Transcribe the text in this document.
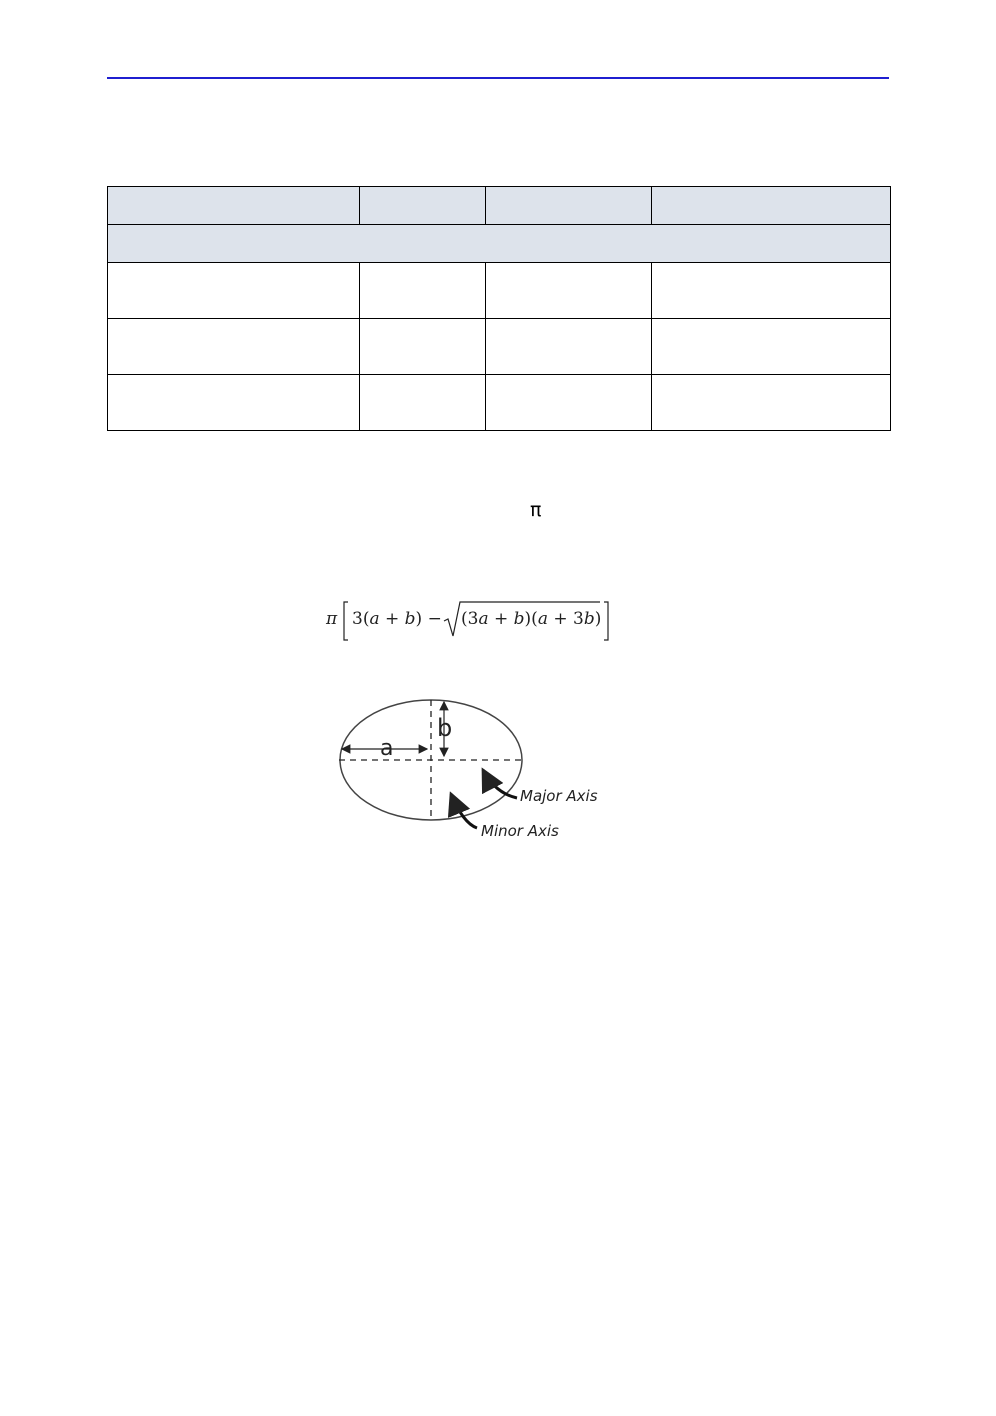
π
π 3(a + b) − (3a + b)(a + 3b)
a
b
Major Axis
Minor Axis
